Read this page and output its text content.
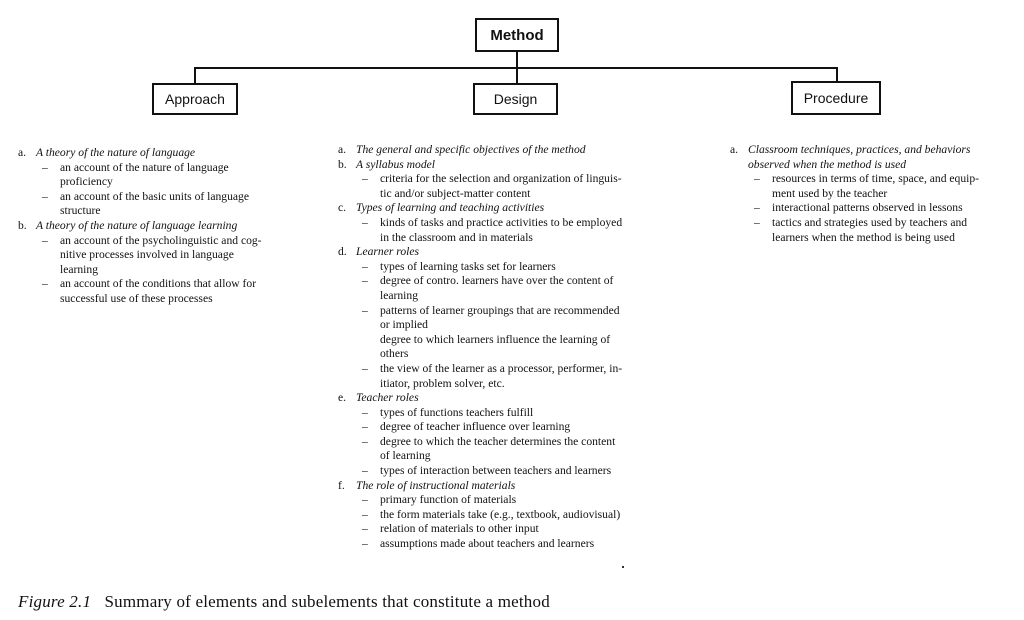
Method
Approach	Design	Procedure
a. A theory of the nature of language
– an account of the nature of language
proficiency
– an account of the basic units of language
structure
b. A theory of the nature of language learning
– an account of the psycholinguistic and cog-
nitive processes involved in language
learning
– an account of the conditions that allow for
successful use of these processes
a. The general and specific objectives of the method
b. A syllabus model
– criteria for the selection and organization of linguis-
tic and/or subject-matter content
c. Types of learning and teaching activities
– kinds of tasks and practice activities to be employed
in the classroom and in materials
d. Learner roles
– types of learning tasks set for learners
– degree of contro. learners have over the content of
learning
– patterns of learner groupings that are recommended
or implied
degree to which learners influence the learning of
others
– the view of the learner as a processor, performer, in-
itiator, problem solver, etc.
e. Teacher roles
– types of functions teachers fulfill
– degree of teacher influence over learning
– degree to which the teacher determines the content
of learning
– types of interaction between teachers and learners
f. The role of instructional materials
– primary function of materials
– the form materials take (e.g., textbook, audiovisual)
– relation of materials to other input
– assumptions made about teachers and learners
a. Classroom techniques, practices, and behaviors
observed when the method is used
– resources in terms of time, space, and equip-
ment used by the teacher
– interactional patterns observed in lessons
– tactics and strategies used by teachers and
learners when the method is being used
Figure 2.1 Summary of elements and subelements that constitute a method
